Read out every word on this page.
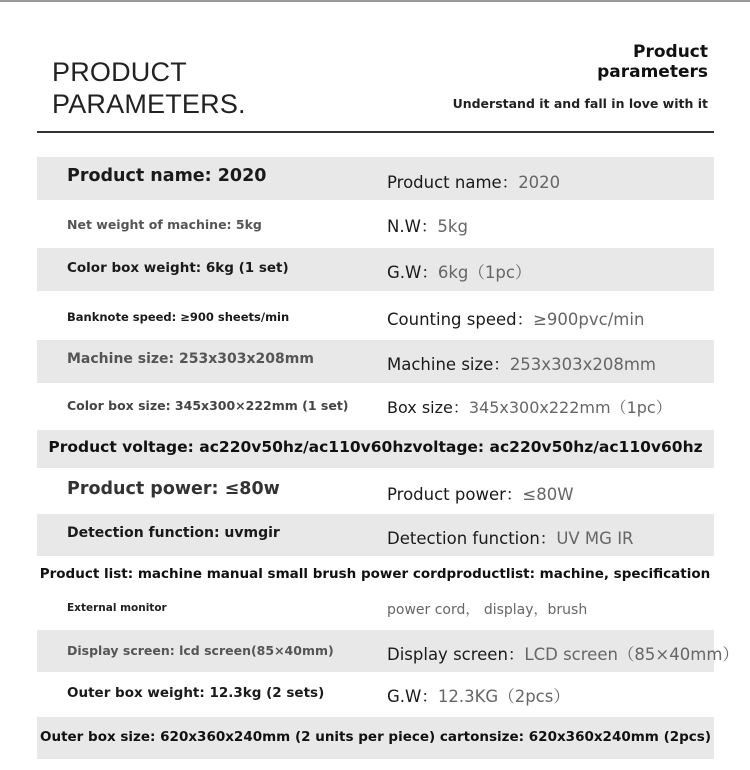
PRODUCT
PARAMETERS.
Product
parameters
Understand it and fall in love with it
Product name: 2020	Product name：2020
Net weight of machine: 5kg	N.W：5kg
Color box weight: 6kg (1 set)	G.W：6kg（1pc）
Banknote speed: ≥900 sheets/min	Counting speed：≥900pvc/min
Machine size: 253x303x208mm	Machine size：253x303x208mm
Color box size: 345x300×222mm (1 set) Box size：345x300x222mm（1pc）
Product voltage: ac220v50hz/ac110v60hzvoltage: ac220v50hz/ac110v60hz
Product power: ≤80w	Product power：≤80W
Detection function: uvmgir	Detection function：UV MG IR
Product list: machine manual small brush power cordproductlist: machine, specification
External monitor	power cord， display，brush
Display screen: lcd screen(85×40mm)	Display screen：LCD screen（85×40mm）
Outer box weight: 12.3kg (2 sets)	G.W：12.3KG（2pcs）
Outer box size: 620x360x240mm (2 units per piece) cartonsize: 620x360x240mm (2pcs)
